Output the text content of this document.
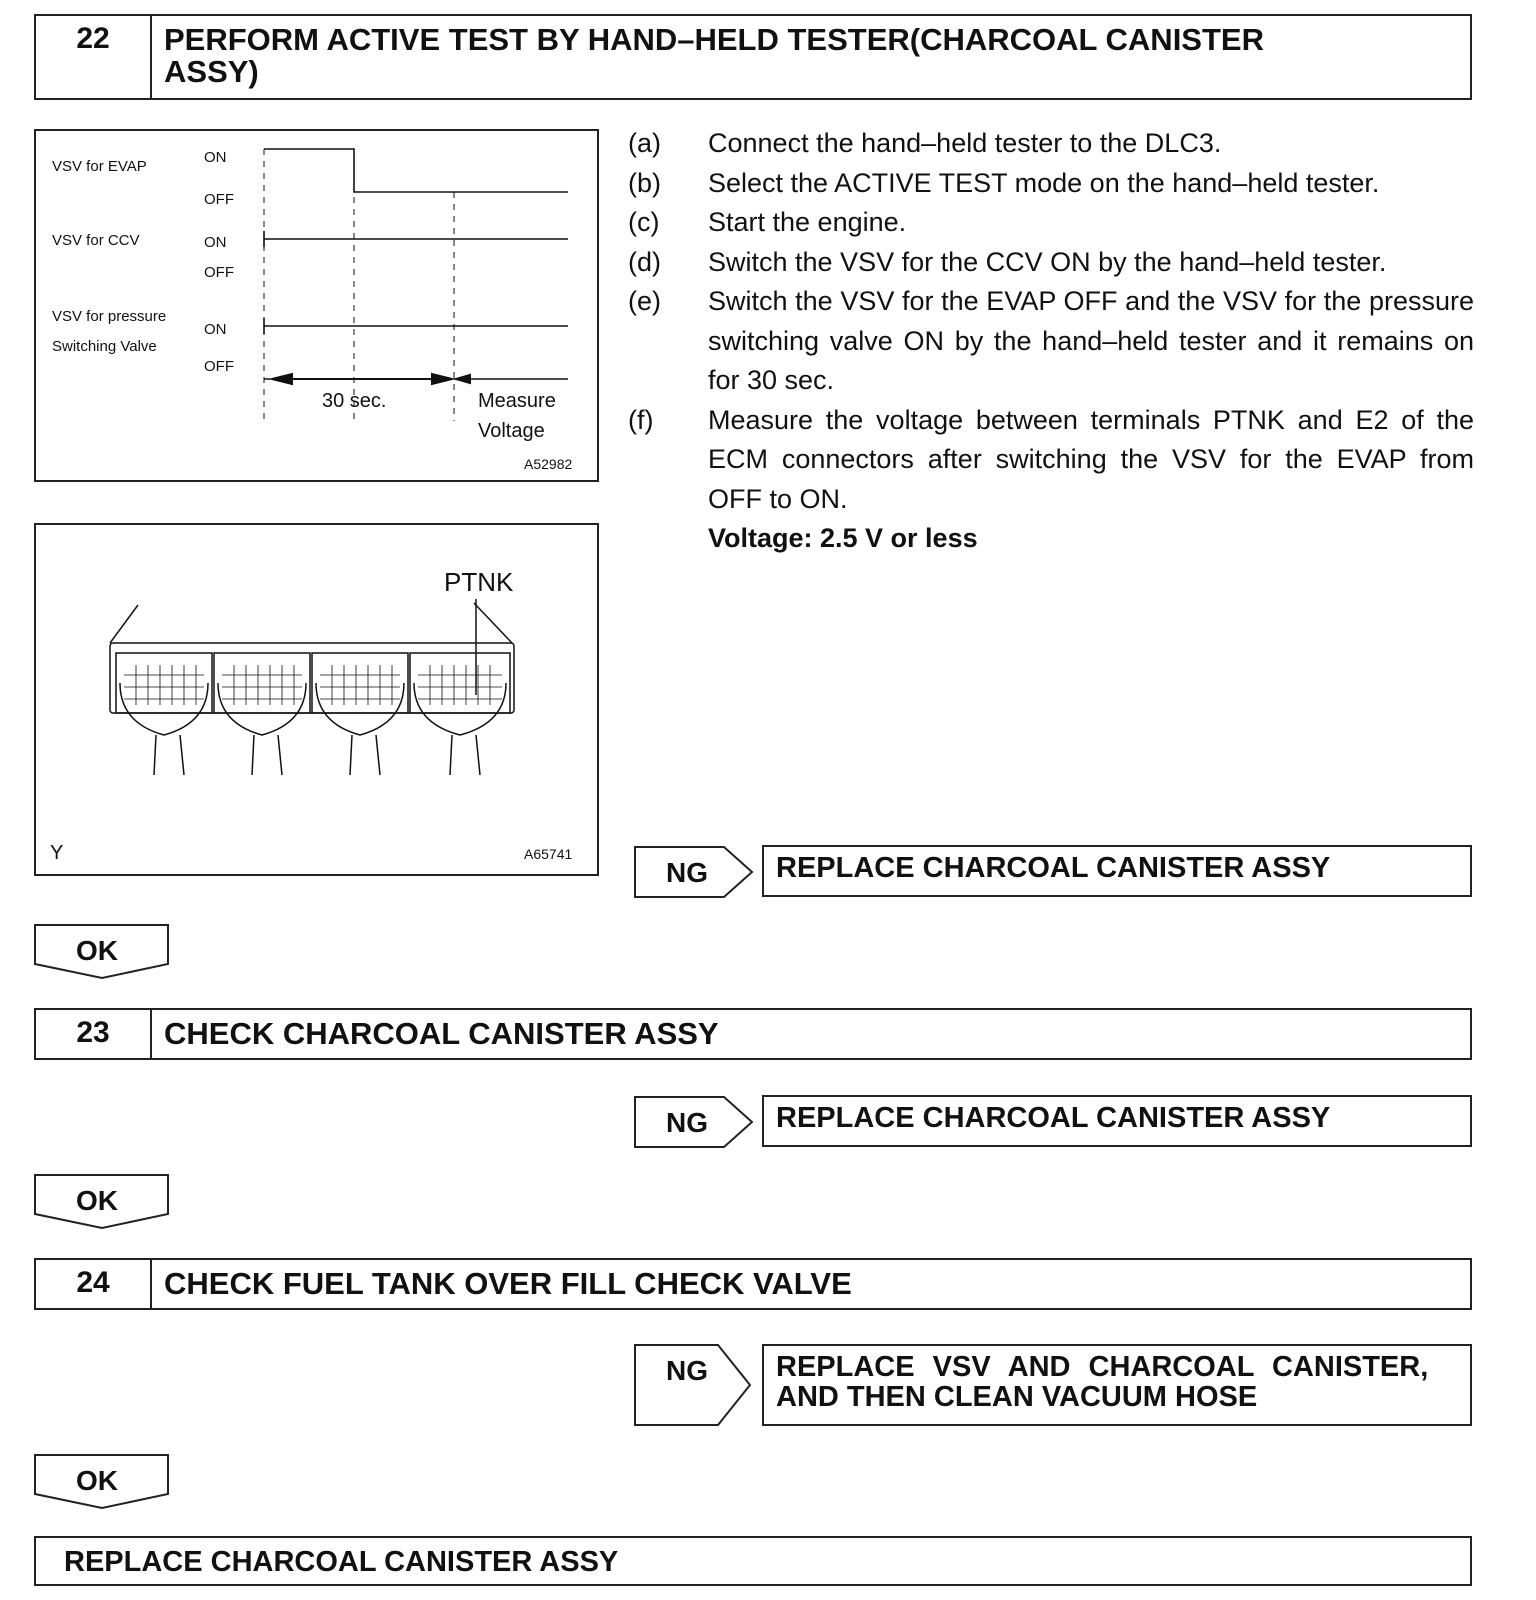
22	PERFORM ACTIVE TEST BY HAND–HELD TESTER(CHARCOAL CANISTER ASSY)
VSV for EVAP
VSV for CCV
VSV for pressure
Switching Valve
ON
OFF
ON
OFF
ON
OFF
30 sec.	Measure
Voltage
A52982
PTNK
Y	A65741
(a)	Connect the hand–held tester to the DLC3.
(b)	Select the ACTIVE TEST mode on the hand–held tester.
(c)	Start the engine.
(d)	Switch the VSV for the CCV ON by the hand–held tester.
(e)	Switch the VSV for the EVAP OFF and the VSV for the pressure switching valve ON by the hand–held tester and it remains on for 30 sec.
(f)	Measure the voltage between terminals PTNK and E2 of the ECM connectors after switching the VSV for the EVAP from OFF to ON.
Voltage: 2.5 V or less
NG	REPLACE CHARCOAL CANISTER ASSY
OK
23	CHECK CHARCOAL CANISTER ASSY
NG	REPLACE CHARCOAL CANISTER ASSY
OK
24	CHECK FUEL TANK OVER FILL CHECK VALVE
NG REPLACE VSV AND CHARCOAL CANISTER,
AND THEN CLEAN VACUUM HOSE
OK
REPLACE CHARCOAL CANISTER ASSY
